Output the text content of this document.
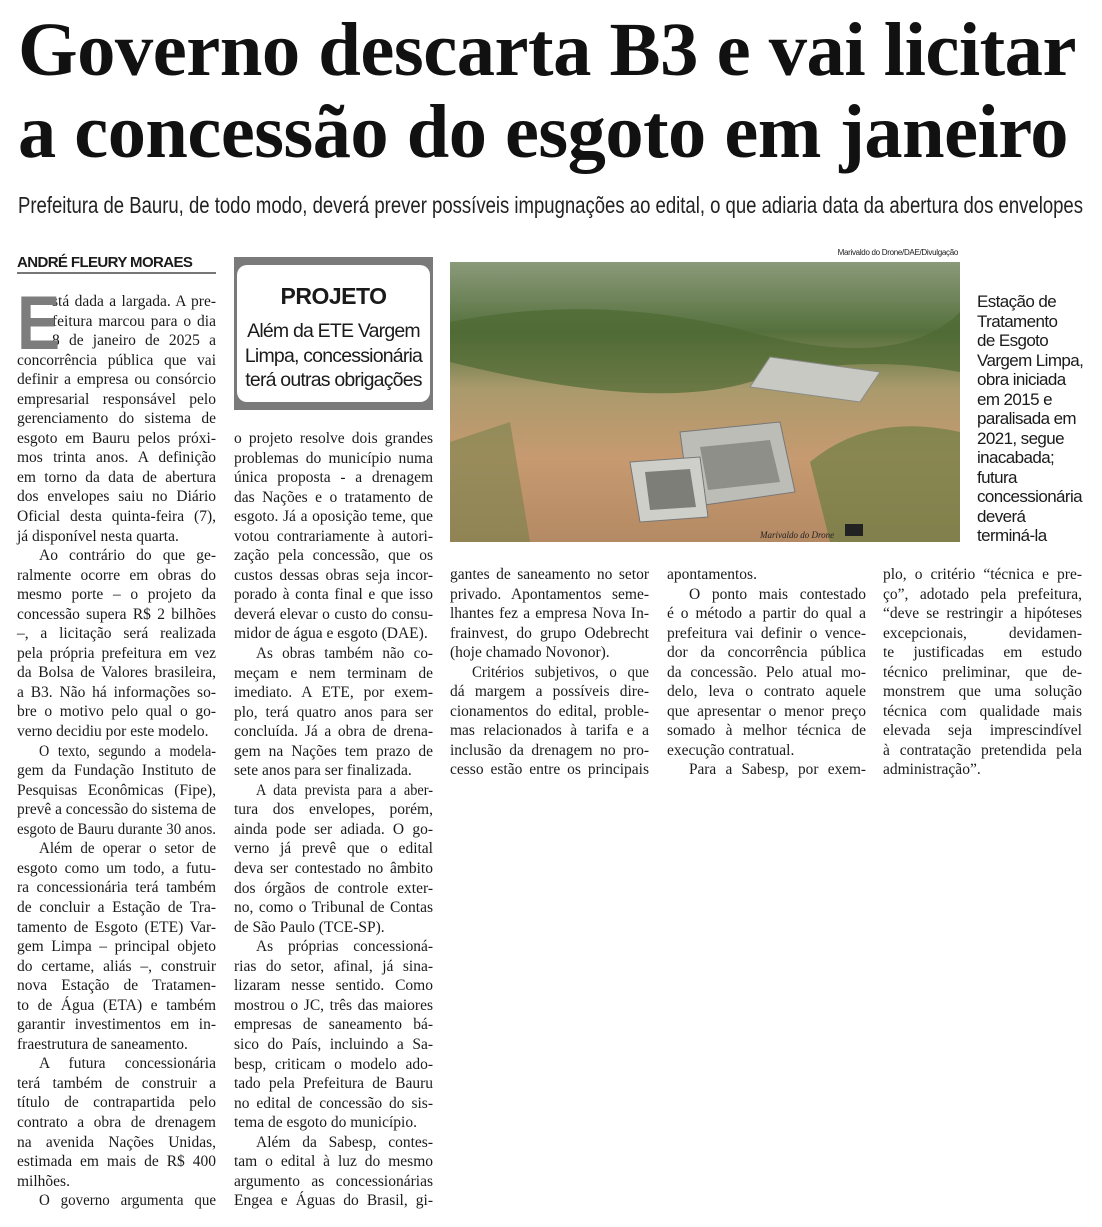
Governo descarta B3 e vai licitar
a concessão do esgoto em janeiro
Prefeitura de Bauru, de todo modo, deverá prever possíveis impugnações ao edital, o que adiaria data da abertura dos envelopes
ANDRÉ FLEURY MORAES
PROJETO
Além da ETE Vargem
Limpa, concessionária
terá outras obrigações
Marivaldo do Drone/DAE/Divulgação
Marivaldo do Drone
Estação de
Tratamento
de Esgoto
Vargem Limpa,
obra iniciada
em 2015 e
paralisada em
2021, segue
inacabada;
futura
concessionária
deverá
terminá-la
E
stá dada a largada. A pre-
feitura marcou para o dia
8 de janeiro de 2025 a
concorrência pública que vai
definir a empresa ou consórcio
empresarial responsável pelo
gerenciamento do sistema de
esgoto em Bauru pelos próxi-
mos trinta anos. A definição
em torno da data de abertura
dos envelopes saiu no Diário
Oficial desta quinta-feira (7),
já disponível nesta quarta.
Ao contrário do que ge-
ralmente ocorre em obras do
mesmo porte – o projeto da
concessão supera R$ 2 bilhões
–, a licitação será realizada
pela própria prefeitura em vez
da Bolsa de Valores brasileira,
a B3. Não há informações so-
bre o motivo pelo qual o go-
verno decidiu por este modelo.
O texto, segundo a modela-
gem da Fundação Instituto de
Pesquisas Econômicas (Fipe),
prevê a concessão do sistema de
esgoto de Bauru durante 30 anos.
Além de operar o setor de
esgoto como um todo, a futu-
ra concessionária terá também
de concluir a Estação de Tra-
tamento de Esgoto (ETE) Var-
gem Limpa – principal objeto
do certame, aliás –, construir
nova Estação de Tratamen-
to de Água (ETA) e também
garantir investimentos em in-
fraestrutura de saneamento.
A futura concessionária
terá também de construir a
título de contrapartida pelo
contrato a obra de drenagem
na avenida Nações Unidas,
estimada em mais de R$ 400
milhões.
O governo argumenta que
o projeto resolve dois grandes
problemas do município numa
única proposta - a drenagem
das Nações e o tratamento de
esgoto. Já a oposição teme, que
votou contrariamente à autori-
zação pela concessão, que os
custos dessas obras seja incor-
porado à conta final e que isso
deverá elevar o custo do consu-
midor de água e esgoto (DAE).
As obras também não co-
meçam e nem terminam de
imediato. A ETE, por exem-
plo, terá quatro anos para ser
concluída. Já a obra de drena-
gem na Nações tem prazo de
sete anos para ser finalizada.
A data prevista para a aber-
tura dos envelopes, porém,
ainda pode ser adiada. O go-
verno já prevê que o edital
deva ser contestado no âmbito
dos órgãos de controle exter-
no, como o Tribunal de Contas
de São Paulo (TCE-SP).
As próprias concessioná-
rias do setor, afinal, já sina-
lizaram nesse sentido. Como
mostrou o JC, três das maiores
empresas de saneamento bá-
sico do País, incluindo a Sa-
besp, criticam o modelo ado-
tado pela Prefeitura de Bauru
no edital de concessão do sis-
tema de esgoto do município.
Além da Sabesp, contes-
tam o edital à luz do mesmo
argumento as concessionárias
Engea e Águas do Brasil, gi-
gantes de saneamento no setor
privado. Apontamentos seme-
lhantes fez a empresa Nova In-
frainvest, do grupo Odebrecht
(hoje chamado Novonor).
Critérios subjetivos, o que
dá margem a possíveis dire-
cionamentos do edital, proble-
mas relacionados à tarifa e a
inclusão da drenagem no pro-
cesso estão entre os principais
apontamentos.
O ponto mais contestado
é o método a partir do qual a
prefeitura vai definir o vence-
dor da concorrência pública
da concessão. Pelo atual mo-
delo, leva o contrato aquele
que apresentar o menor preço
somado à melhor técnica de
execução contratual.
Para a Sabesp, por exem-
plo, o critério “técnica e pre-
ço”, adotado pela prefeitura,
“deve se restringir a hipóteses
excepcionais, devidamen-
te justificadas em estudo
técnico preliminar, que de-
monstrem que uma solução
técnica com qualidade mais
elevada seja imprescindível
à contratação pretendida pela
administração”.
